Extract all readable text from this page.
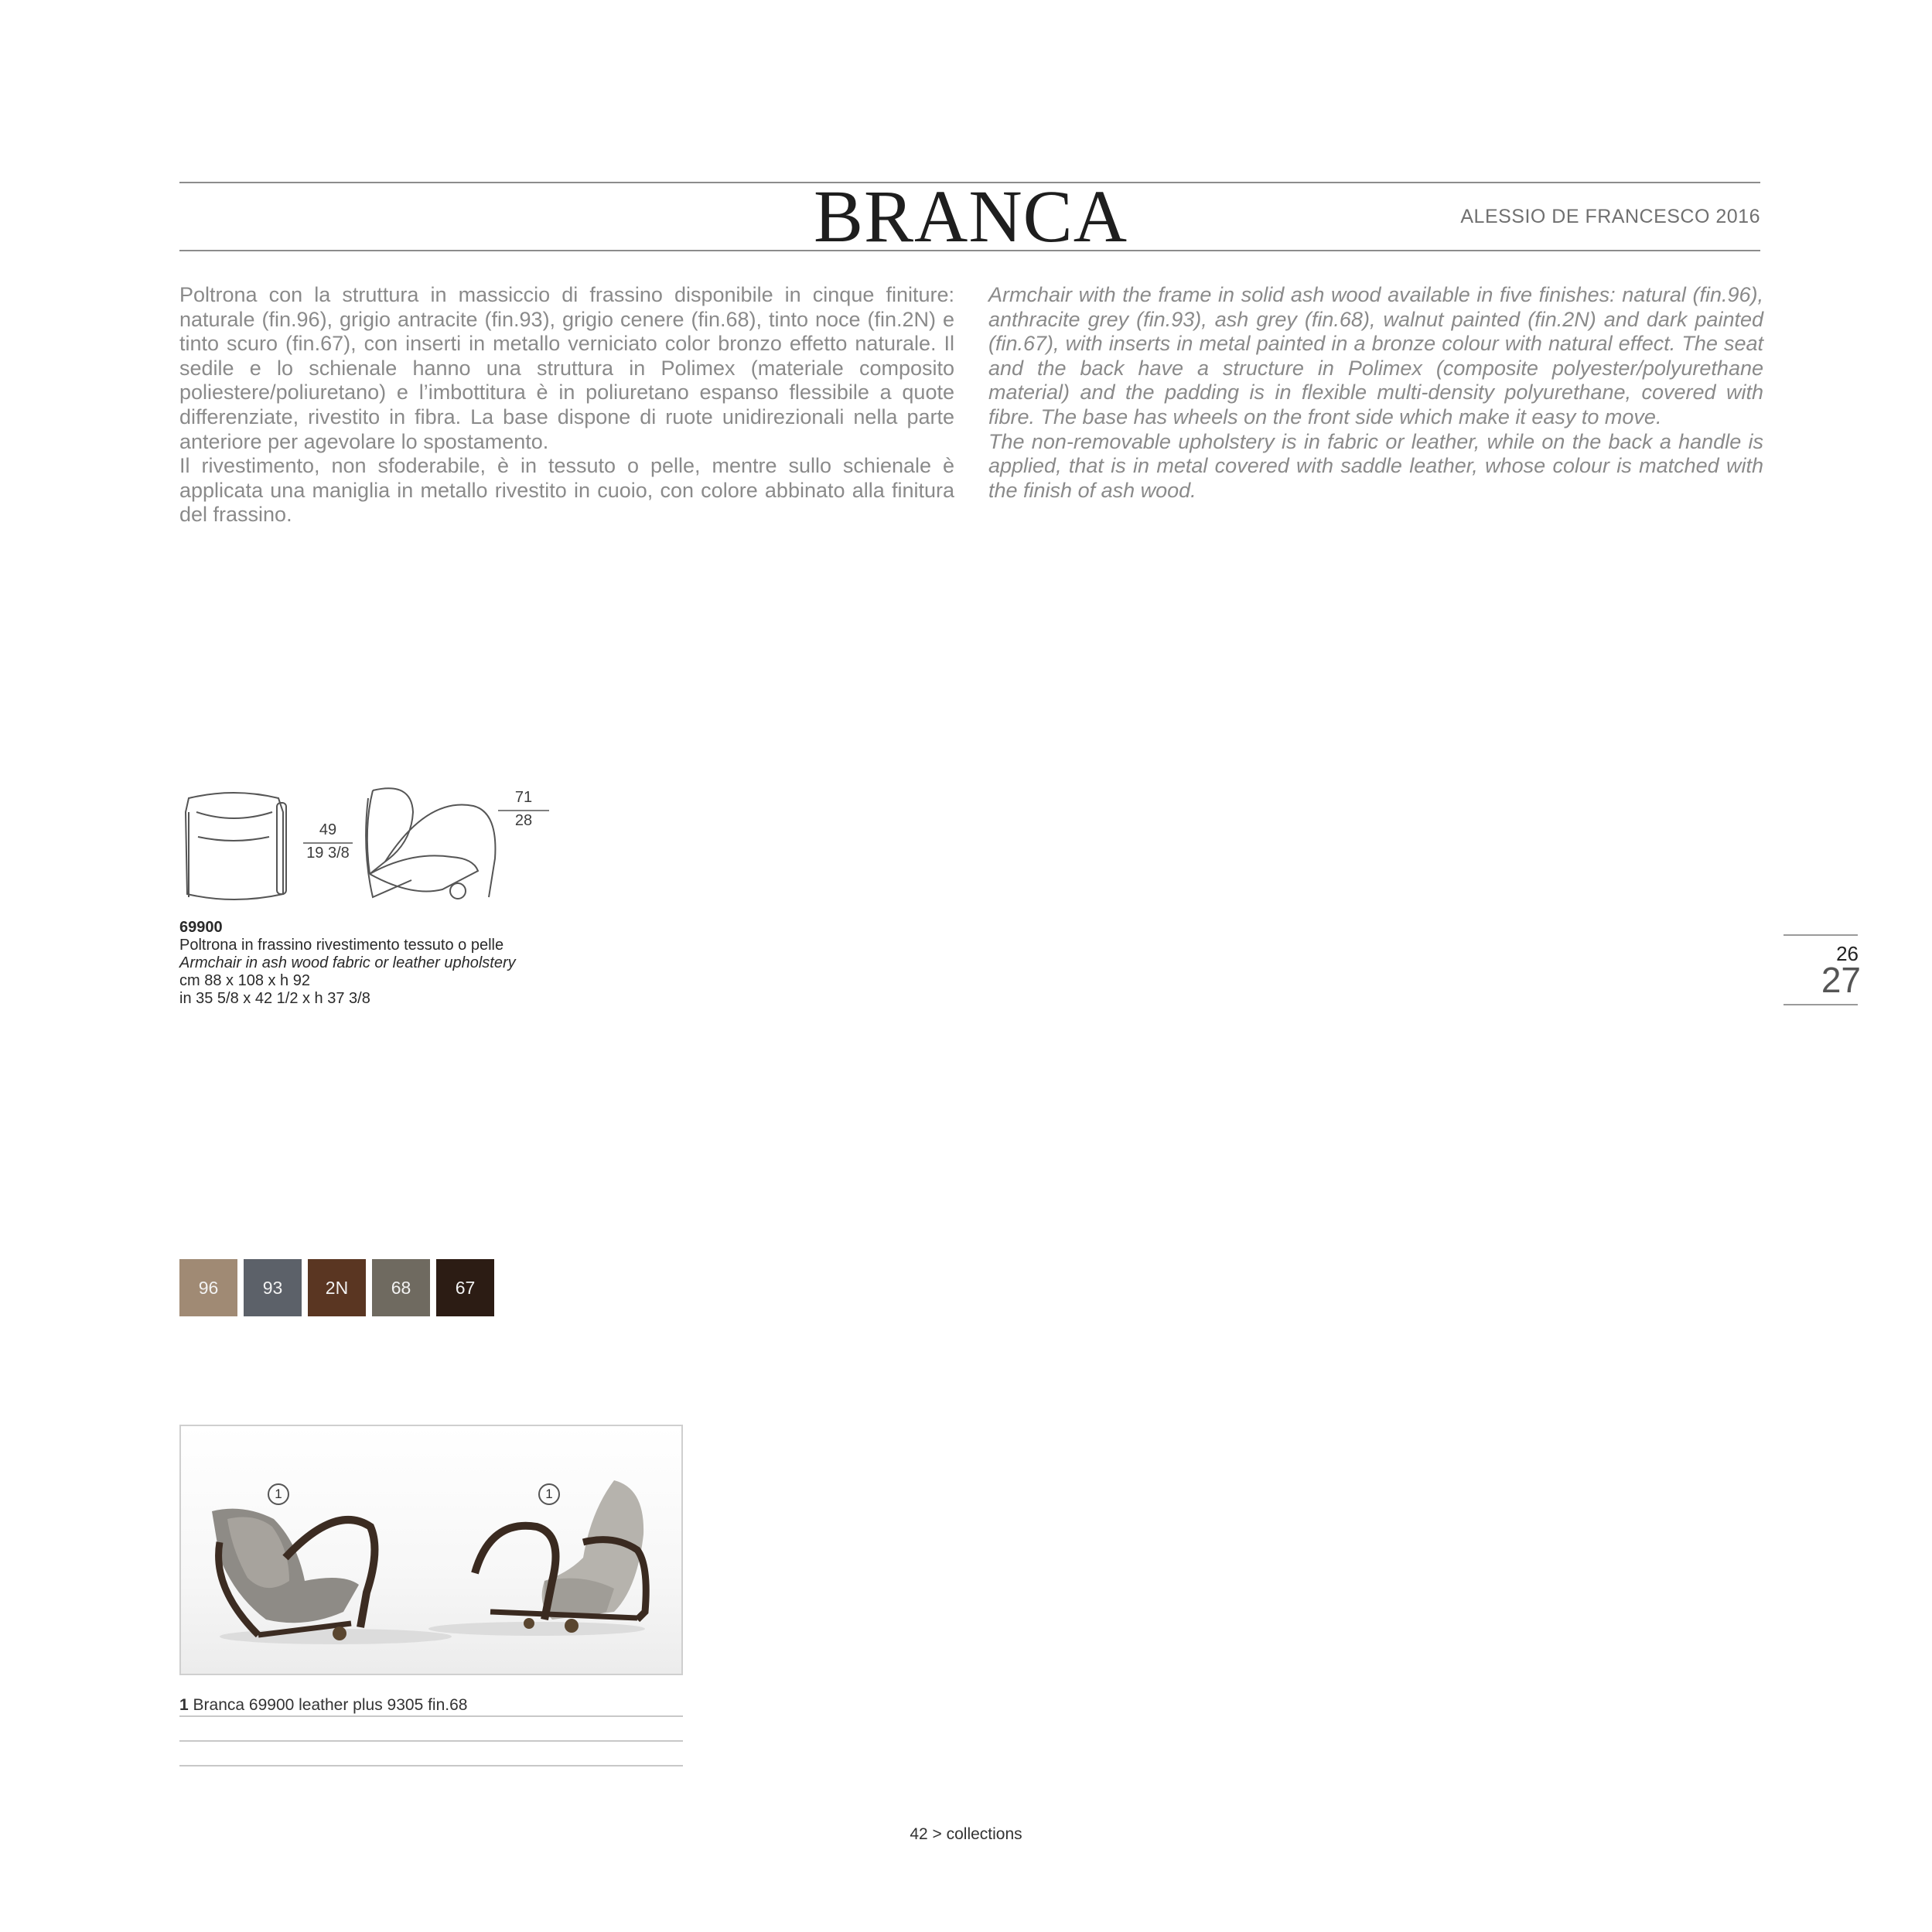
BRANCA	ALESSIO DE FRANCESCO 2016

Poltrona con la struttura in massiccio di frassino disponibile in cinque finiture: naturale (fin.96), grigio antracite (fin.93), grigio cenere (fin.68), tinto noce (fin.2N) e tinto scuro (fin.67), con inserti in metallo verniciato color bronzo effetto naturale. Il sedile e lo schienale hanno una struttura in Polimex (materiale composito poliestere/poliuretano) e l’imbottitura è in poliuretano espanso flessibile a quote differenziate, rivestito in fibra. La base dispone di ruote unidirezionali nella parte anteriore per agevolare lo spostamento.

Il rivestimento, non sfoderabile, è in tessuto o pelle, mentre sullo schienale è applicata una maniglia in metallo rivestito in cuoio, con colore abbinato alla finitura del frassino.

Armchair with the frame in solid ash wood available in five finishes: natural (fin.96), anthracite grey (fin.93), ash grey (fin.68), walnut painted (fin.2N) and dark painted (fin.67), with inserts in metal painted in a bronze colour with natural effect. The seat and the back have a structure in Polimex (composite polyester/polyurethane material) and the padding is in flexible multi-density polyurethane, covered with fibre. The base has wheels on the front side which make it easy to move.

The non-removable upholstery is in fabric or leather, while on the back a handle is applied, that is in metal covered with saddle leather, whose colour is matched with the finish of ash wood.

49
19 3/8
71
28
69900
Poltrona in frassino rivestimento tessuto o pelle
Armchair in ash wood fabric or leather upholstery
cm 88 x 108 x h 92
in 35 5/8 x 42 1/2 x h 37 3/8
96	93	2N	68	67
1	1
1 Branca 69900 leather plus 9305 fin.68
26
27
42 > collections
